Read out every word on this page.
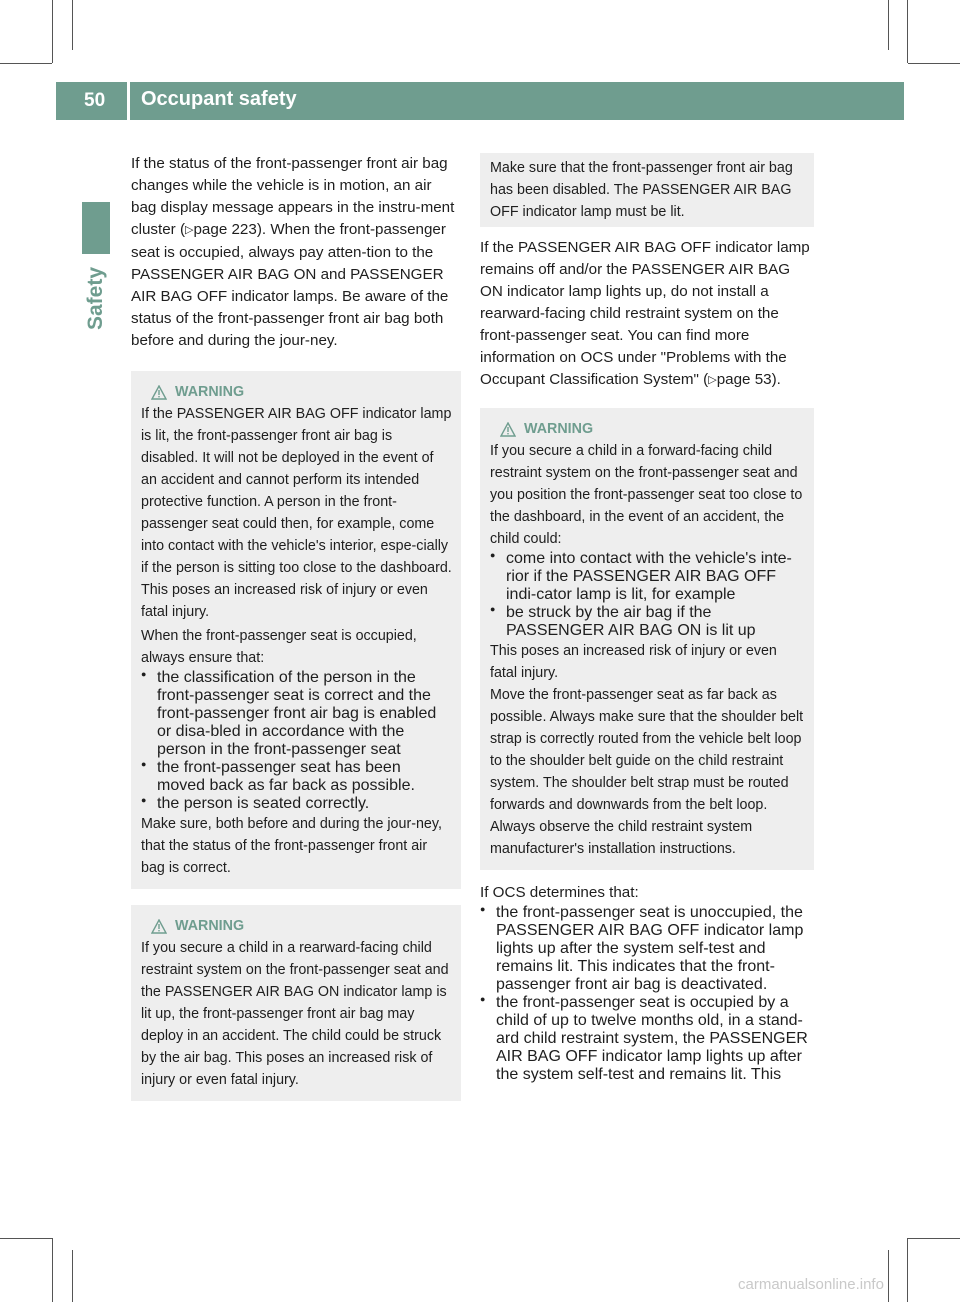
50 Occupant safety
Safety

If the status of the front-passenger front air bag changes while the vehicle is in motion, an air bag display message appears in the instru-ment cluster (▷page 223). When the front-passenger seat is occupied, always pay atten-tion to the PASSENGER AIR BAG ON and PASSENGER AIR BAG OFF indicator lamps. Be aware of the status of the front-passenger front air bag both before and during the jour-ney.

WARNING

If the PASSENGER AIR BAG OFF indicator lamp is lit, the front-passenger front air bag is disabled. It will not be deployed in the event of an accident and cannot perform its intended protective function. A person in the front-passenger seat could then, for example, come into contact with the vehicle's interior, espe-cially if the person is sitting too close to the dashboard. This poses an increased risk of injury or even fatal injury.

When the front-passenger seat is occupied, always ensure that:

● the classification of the person in the front-passenger seat is correct and the front-passenger front air bag is enabled or disa-bled in accordance with the person in the front-passenger seat
● the front-passenger seat has been moved back as far back as possible.
● the person is seated correctly.

Make sure, both before and during the jour-ney, that the status of the front-passenger front air bag is correct.

WARNING

If you secure a child in a rearward-facing child restraint system on the front-passenger seat and the PASSENGER AIR BAG ON indicator lamp is lit up, the front-passenger front air bag may deploy in an accident. The child could be struck by the air bag. This poses an increased risk of injury or even fatal injury.

Make sure that the front-passenger front air bag has been disabled. The PASSENGER AIR BAG OFF indicator lamp must be lit.

If the PASSENGER AIR BAG OFF indicator lamp remains off and/or the PASSENGER AIR BAG ON indicator lamp lights up, do not install a rearward-facing child restraint system on the front-passenger seat. You can find more information on OCS under "Problems with the Occupant Classification System" (▷page 53).

WARNING

If you secure a child in a forward-facing child restraint system on the front-passenger seat and you position the front-passenger seat too close to the dashboard, in the event of an accident, the child could:

● come into contact with the vehicle's inte-rior if the PASSENGER AIR BAG OFF indi-cator lamp is lit, for example
● be struck by the air bag if the PASSENGER AIR BAG ON is lit up

This poses an increased risk of injury or even fatal injury.

Move the front-passenger seat as far back as possible. Always make sure that the shoulder belt strap is correctly routed from the vehicle belt loop to the shoulder belt guide on the child restraint system. The shoulder belt strap must be routed forwards and downwards from the belt loop. Always observe the child restraint system manufacturer's installation instructions.

If OCS determines that:

● the front-passenger seat is unoccupied, the PASSENGER AIR BAG OFF indicator lamp lights up after the system self-test and remains lit. This indicates that the front-passenger front air bag is deactivated.
● the front-passenger seat is occupied by a child of up to twelve months old, in a stand-ard child restraint system, the PASSENGER AIR BAG OFF indicator lamp lights up after the system self-test and remains lit. This
carmanualsonline.info
